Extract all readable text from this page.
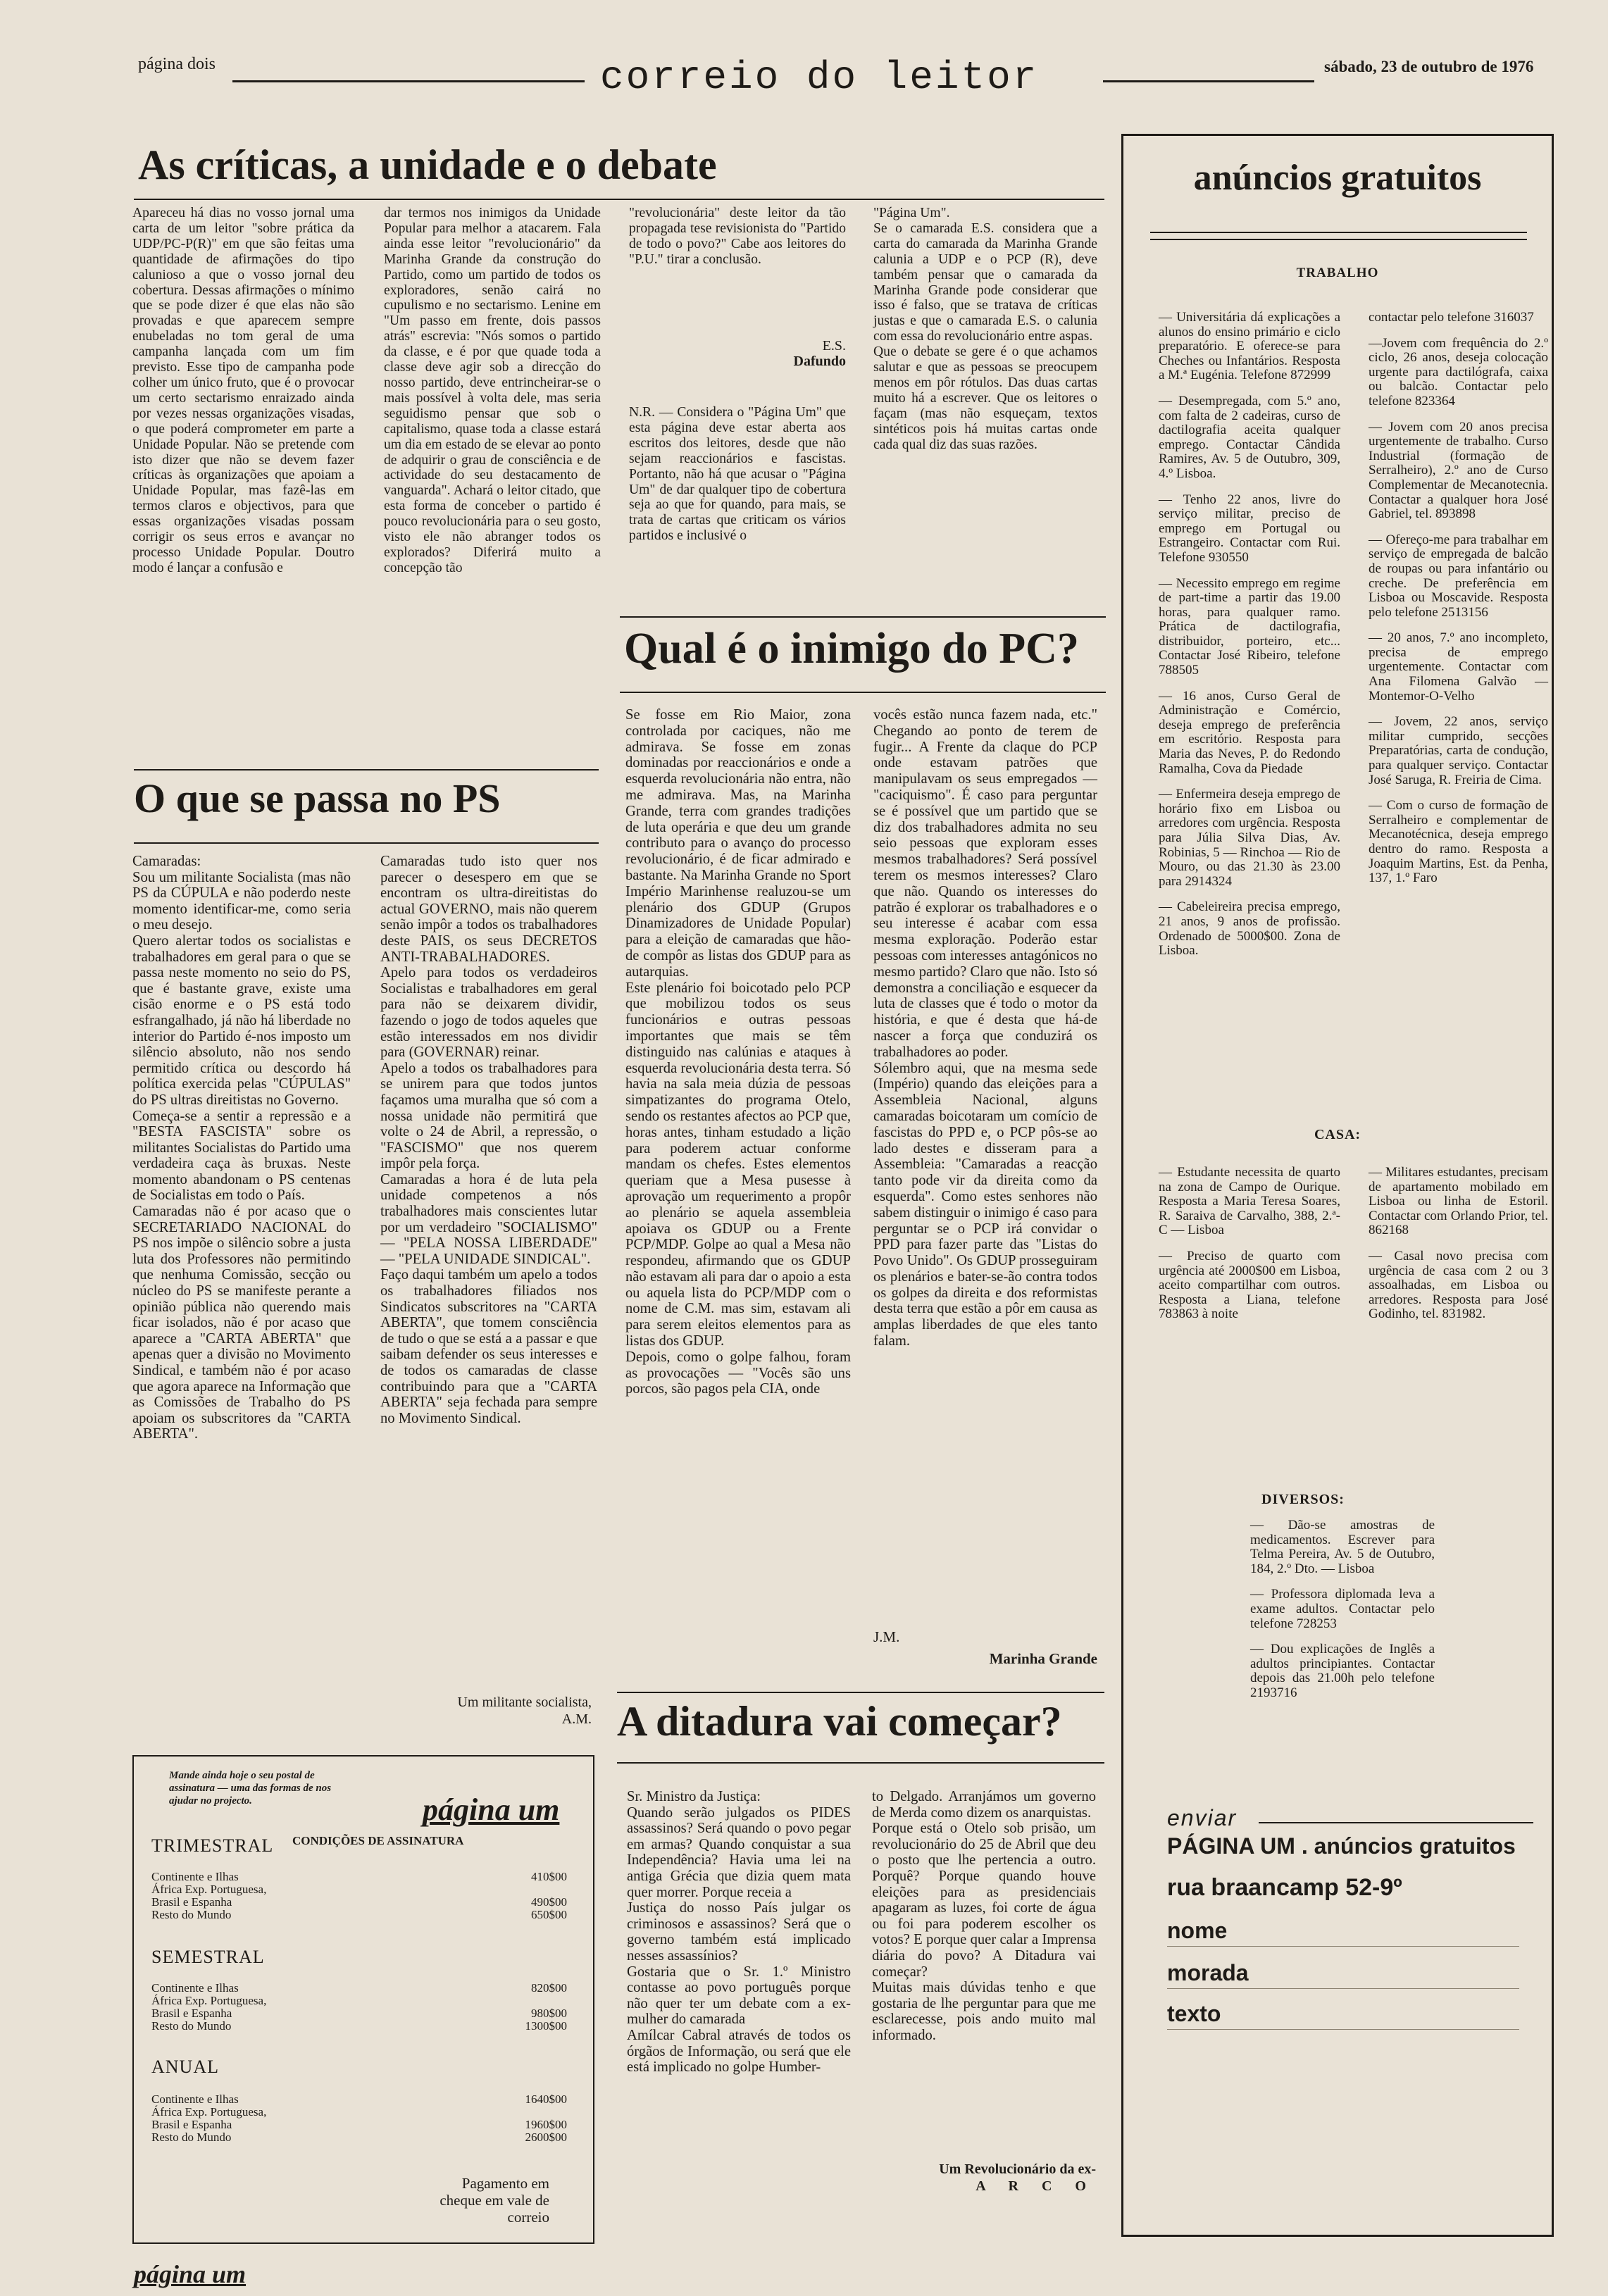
página dois	correio do leitor	sábado, 23 de outubro de 1976
As críticas, a unidade e o debate

Apareceu há dias no vosso jornal uma carta de um leitor "sobre prática da UDP/PC-P(R)" em que são feitas uma quantidade de afirmações do tipo calunioso a que o vosso jornal deu cobertura. Dessas afirmações o mínimo que se pode dizer é que elas não são provadas e que aparecem sempre enubeladas no tom geral de uma campanha lançada com um fim previsto. Esse tipo de campanha pode colher um único fruto, que é o provocar um certo sectarismo enraizado ainda por vezes nessas organizações visadas, o que poderá comprometer em parte a Unidade Popular. Não se pretende com isto dizer que não se devem fazer críticas às organizações que apoiam a Unidade Popular, mas fazê-las em termos claros e objectivos, para que essas organizações visadas possam corrigir os seus erros e avançar no processo Unidade Popular. Doutro modo é lançar a confusão e

dar termos nos inimigos da Unidade Popular para melhor a atacarem. Fala ainda esse leitor "revolucionário" da Marinha Grande da construção do Partido, como um partido de todos os exploradores, senão cairá no cupulismo e no sectarismo. Lenine em "Um passo em frente, dois passos atrás" escrevia: "Nós somos o partido da classe, e é por que quade toda a classe deve agir sob a direcção do nosso partido, deve entrincheirar-se o mais possível à volta dele, mas seria seguidismo pensar que sob o capitalismo, quase toda a classe estará um dia em estado de se elevar ao ponto de adquirir o grau de consciência e de actividade do seu destacamento de vanguarda". Achará o leitor citado, que esta forma de conceber o partido é pouco revolucionária para o seu gosto, visto ele não abranger todos os explorados? Diferirá muito a concepção tão

"revolucionária" deste leitor da tão propagada tese revisionista do "Partido de todo o povo?" Cabe aos leitores do "P.U." tirar a conclusão.

E.S.
Dafundo

N.R. — Considera o "Página Um" que esta página deve estar aberta aos escritos dos leitores, desde que não sejam reaccionários e fascistas. Portanto, não há que acusar o "Página Um" de dar qualquer tipo de cobertura seja ao que for quando, para mais, se trata de cartas que criticam os vários partidos e inclusivé o

"Página Um".
Se o camarada E.S. considera que a carta do camarada da Marinha Grande calunia a UDP e o PCP (R), deve também pensar que o camarada da Marinha Grande pode considerar que isso é falso, que se tratava de críticas justas e que o camarada E.S. o calunia com essa do revolucionário entre aspas.
Que o debate se gere é o que achamos salutar e que as pessoas se preocupem menos em pôr rótulos. Das duas cartas muito há a escrever. Que os leitores o façam (mas não esqueçam, textos sintéticos pois há muitas cartas onde cada qual diz das suas razões.

O que se passa no PS

Camaradas:
Sou um militante Socialista (mas não PS da CÚPULA e não poderdo neste momento identificar-me, como seria o meu desejo.
Quero alertar todos os socialistas e trabalhadores em geral para o que se passa neste momento no seio do PS, que é bastante grave, existe uma cisão enorme e o PS está todo esfrangalhado, já não há liberdade no interior do Partido é-nos imposto um silêncio absoluto, não nos sendo permitido crítica ou descordo há política exercida pelas "CÚPULAS" do PS ultras direitistas no Governo.
Começa-se a sentir a repressão e a "BESTA FASCISTA" sobre os militantes Socialistas do Partido uma verdadeira caça às bruxas. Neste momento abandonam o PS centenas de Socialistas em todo o País.
Camaradas não é por acaso que o SECRETARIADO NACIONAL do PS nos impõe o silêncio sobre a justa luta dos Professores não permitindo que nenhuma Comissão, secção ou núcleo do PS se manifeste perante a opinião pública não querendo mais ficar isolados, não é por acaso que aparece a "CARTA ABERTA" que apenas quer a divisão no Movimento Sindical, e também não é por acaso que agora aparece na Informação que as Comissões de Trabalho do PS apoiam os subscritores da "CARTA ABERTA".

Camaradas tudo isto quer nos parecer o desespero em que se encontram os ultra-direitistas do actual GOVERNO, mais não querem senão impôr a todos os trabalhadores deste PAIS, os seus DECRETOS ANTI-TRABALHADORES.
Apelo para todos os verdadeiros Socialistas e trabalhadores em geral para não se deixarem dividir, fazendo o jogo de todos aqueles que estão interessados em nos dividir para (GOVERNAR) reinar.
Apelo a todos os trabalhadores para se unirem para que todos juntos façamos uma muralha que só com a nossa unidade não permitirá que volte o 24 de Abril, a repressão, o "FASCISMO" que nos querem impôr pela força.
Camaradas a hora é de luta pela unidade competenos a nós trabalhadores mais conscientes lutar por um verdadeiro "SOCIALISMO" — "PELA NOSSA LIBERDADE" — "PELA UNIDADE SINDICAL".
Faço daqui também um apelo a todos os trabalhadores filiados nos Sindicatos subscritores na "CARTA ABERTA", que tomem consciência de tudo o que se está a a passar e que saibam defender os seus interesses e de todos os camaradas de classe contribuindo para que a "CARTA ABERTA" seja fechada para sempre no Movimento Sindical.

Um militante socialista,
A.M.
Qual é o inimigo do PC?

Se fosse em Rio Maior, zona controlada por caciques, não me admirava. Se fosse em zonas dominadas por reaccionários e onde a esquerda revolucionária não entra, não me admirava. Mas, na Marinha Grande, terra com grandes tradições de luta operária e que deu um grande contributo para o avanço do processo revolucionário, é de ficar admirado e bastante. Na Marinha Grande no Sport Império Marinhense realuzou-se um plenário dos GDUP (Grupos Dinamizadores de Unidade Popular) para a eleição de camaradas que hão-de compôr as listas dos GDUP para as autarquias.
Este plenário foi boicotado pelo PCP que mobilizou todos os seus funcionários e outras pessoas importantes que mais se têm distinguido nas calúnias e ataques à esquerda revolucionária desta terra. Só havia na sala meia dúzia de pessoas simpatizantes do programa Otelo, sendo os restantes afectos ao PCP que, horas antes, tinham estudado a lição para poderem actuar conforme mandam os chefes. Estes elementos queriam que a Mesa pusesse à aprovação um requerimento a propôr ao plenário se aquela assembleia apoiava os GDUP ou a Frente PCP/MDP. Golpe ao qual a Mesa não respondeu, afirmando que os GDUP não estavam ali para dar o apoio a esta ou aquela lista do PCP/MDP com o nome de C.M. mas sim, estavam ali para serem eleitos elementos para as listas dos GDUP.
Depois, como o golpe falhou, foram as provocações — "Vocês são uns porcos, são pagos pela CIA, onde

vocês estão nunca fazem nada, etc." Chegando ao ponto de terem de fugir... A Frente da claque do PCP onde estavam patrões que manipulavam os seus empregados — "caciquismo". É caso para perguntar se é possível que um partido que se diz dos trabalhadores admita no seu seio pessoas que exploram esses mesmos trabalhadores? Será possível terem os mesmos interesses? Claro que não. Quando os interesses do patrão é explorar os trabalhadores e o seu interesse é acabar com essa mesma exploração. Poderão estar pessoas com interesses antagónicos no mesmo partido? Claro que não. Isto só demonstra a conciliação e esquecer da luta de classes que é todo o motor da história, e que é desta que há-de nascer a força que conduzirá os trabalhadores ao poder.
Sólembro aqui, que na mesma sede (Império) quando das eleições para a Assembleia Nacional, alguns camaradas boicotaram um comício de fascistas do PPD e, o PCP pôs-se ao lado destes e disseram para a Assembleia: "Camaradas a reacção tanto pode vir da direita como da esquerda". Como estes senhores não sabem distinguir o inimigo é caso para perguntar se o PCP irá convidar o PPD para fazer parte das "Listas do Povo Unido". Os GDUP prosseguiram os plenários e bater-se-ão contra todos os golpes da direita e dos reformistas desta terra que estão a pôr em causa as amplas liberdades de que eles tanto falam.

J.M.
Marinha Grande
A ditadura vai começar?

Sr. Ministro da Justiça:
Quando serão julgados os PIDES assassinos? Será quando o povo pegar em armas? Quando conquistar a sua Independência? Havia uma lei na antiga Grécia que dizia quem mata quer morrer. Porque receia a
Justiça do nosso País julgar os criminosos e assassinos? Será que o governo também está implicado nesses assassínios?
Gostaria que o Sr. 1.º Ministro contasse ao povo português porque não quer ter um debate com a ex-mulher do camarada
Amílcar Cabral através de todos os órgãos de Informação, ou será que ele está implicado no golpe Humber-

to Delgado. Arranjámos um governo de Merda como dizem os anarquistas.
Porque está o Otelo sob prisão, um revolucionário do 25 de Abril que deu o posto que lhe pertencia a outro. Porquê? Porque quando houve eleições para as presidenciais apagaram as luzes, foi corte de água ou foi para poderem escolher os votos? E porque quer calar a Imprensa diária do povo? A Ditadura vai começar?
Muitas mais dúvidas tenho e que gostaria de lhe perguntar para que me esclarecesse, pois ando muito mal informado.

Um Revolucionário da ex-
A R C O
Mande ainda hoje o seu postal de assinatura — uma das formas de nos ajudar no projecto.	página um
CONDIÇÕES DE ASSINATURA
TRIMESTRAL
Continente e Ilhas	410$00
África Exp. Portuguesa,
Brasil e Espanha	490$00
Resto do Mundo	650$00
SEMESTRAL
Continente e Ilhas	820$00
África Exp. Portuguesa,
Brasil e Espanha	980$00
Resto do Mundo	1300$00
ANUAL
Continente e Ilhas	1640$00
África Exp. Portuguesa,
Brasil e Espanha	1960$00
Resto do Mundo	2600$00
Pagamento em cheque em vale de correio
página um
anúncios gratuitos
TRABALHO

— Universitária dá explicações a alunos do ensino primário e ciclo preparatório. E oferece-se para Cheches ou Infantários. Resposta a M.ª Eugénia. Telefone 872999

— Desempregada, com 5.º ano, com falta de 2 cadeiras, curso de dactilografia aceita qualquer emprego. Contactar Cândida Ramires, Av. 5 de Outubro, 309, 4.º Lisboa.

— Tenho 22 anos, livre do serviço militar, preciso de emprego em Portugal ou Estrangeiro. Contactar com Rui. Telefone 930550

— Necessito emprego em regime de part-time a partir das 19.00 horas, para qualquer ramo. Prática de dactilografia, distribuidor, porteiro, etc... Contactar José Ribeiro, telefone 788505

— 16 anos, Curso Geral de Administração e Comércio, deseja emprego de preferência em escritório. Resposta para Maria das Neves, P. do Redondo Ramalha, Cova da Piedade

— Enfermeira deseja emprego de horário fixo em Lisboa ou arredores com urgência. Resposta para Júlia Silva Dias, Av. Robinias, 5 — Rinchoa — Rio de Mouro, ou das 21.30 às 23.00 para 2914324

— Cabeleireira precisa emprego, 21 anos, 9 anos de profissão. Ordenado de 5000$00. Zona de Lisboa.

contactar pelo telefone 316037

—Jovem com frequência do 2.º ciclo, 26 anos, deseja colocação urgente para dactilógrafa, caixa ou balcão. Contactar pelo telefone 823364

— Jovem com 20 anos precisa urgentemente de trabalho. Curso Industrial (formação de Serralheiro), 2.º ano de Curso Complementar de Mecanotecnia. Contactar a qualquer hora José Gabriel, tel. 893898

— Ofereço-me para trabalhar em serviço de empregada de balcão de roupas ou para infantário ou creche. De preferência em Lisboa ou Moscavide. Resposta pelo telefone 2513156

— 20 anos, 7.º ano incompleto, precisa de emprego urgentemente. Contactar com Ana Filomena Galvão — Montemor-O-Velho

— Jovem, 22 anos, serviço militar cumprido, secções Preparatórias, carta de condução, para qualquer serviço. Contactar José Saruga, R. Freiria de Cima.

— Com o curso de formação de Serralheiro e complementar de Mecanotécnica, deseja emprego dentro do ramo. Resposta a Joaquim Martins, Est. da Penha, 137, 1.º Faro

CASA:

— Estudante necessita de quarto na zona de Campo de Ourique. Resposta a Maria Teresa Soares, R. Saraiva de Carvalho, 388, 2.ª-C — Lisboa

— Preciso de quarto com urgência até 2000$00 em Lisboa, aceito compartilhar com outros. Resposta a Liana, telefone 783863 à noite

— Militares estudantes, precisam de apartamento mobilado em Lisboa ou linha de Estoril. Contactar com Orlando Prior, tel. 862168

— Casal novo precisa com urgência de casa com 2 ou 3 assoalhadas, em Lisboa ou arredores. Resposta para José Godinho, tel. 831982.

DIVERSOS:

— Dão-se amostras de medicamentos. Escrever para Telma Pereira, Av. 5 de Outubro, 184, 2.º Dto. — Lisboa

— Professora diplomada leva a exame adultos. Contactar pelo telefone 728253

— Dou explicações de Inglês a adultos principiantes. Contactar depois das 21.00h pelo telefone 2193716

enviar
PÁGINA UM . anúncios gratuitos
rua braancamp 52-9º
nome
morada
texto
